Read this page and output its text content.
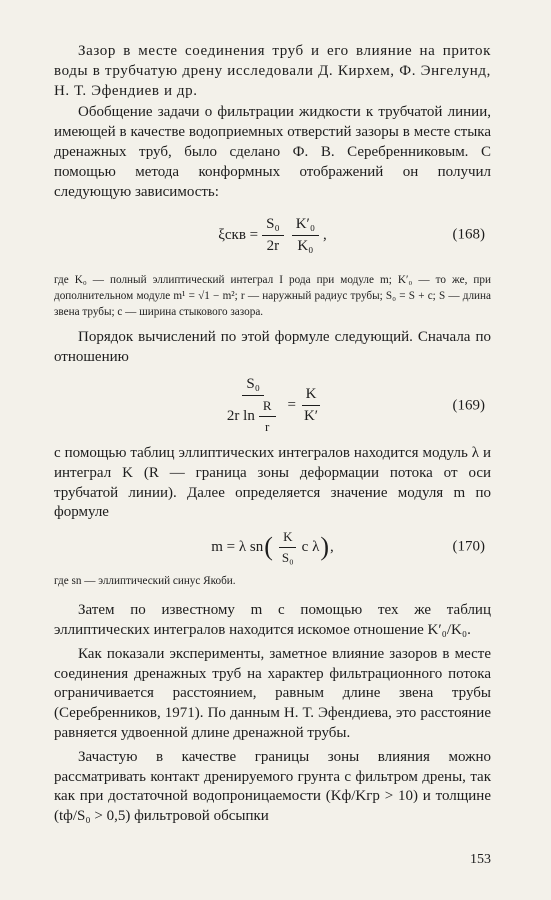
Зазор в месте соединения труб и его влияние на приток воды в трубчатую дрену исследовали Д. Кирхем, Ф. Энгелунд, Н. Т. Эфендиев и др.

Обобщение задачи о фильтрации жидкости к трубчатой линии, имеющей в качестве водоприемных отверстий зазоры в месте стыка дренажных труб, было сделано Ф. В. Серебренниковым. С помощью метода конформных отображений он получил следующую зависимость:

$\xi скв = \frac{\text{S₀}}{2r} \frac{\text{K′₀}}{\text{K₀}}$ ,	(168)

где K₀ — полный эллиптический интеграл I рода при модуле m; K′₀ — то же, при дополнительном модуле m¹ = √1 − m²; r — наружный радиус трубы; S₀ = S + c; S — длина звена трубы; c — ширина стыкового зазора.

Порядок вычислений по этой формуле следующий. Сначала по отношению

$\frac{\text{S₀}}{2r \ln \frac{R}{r}} = \frac{K}{K'}$	(169)

с помощью таблиц эллиптических интегралов находится модуль λ и интеграл K (R — граница зоны деформации потока от оси трубчатой линии). Далее определяется значение модуля m по формуле

m = λ sn ( $\frac{K}{\text{S₀}}$ c λ ) ,	(170)

где sn — эллиптический синус Якоби.

Затем по известному m с помощью тех же таблиц эллиптических интегралов находится искомое отношение K′₀/K₀.

Как показали эксперименты, заметное влияние зазоров в месте соединения дренажных труб на характер фильтрационного потока ограничивается расстоянием, равным длине звена трубы (Серебренников, 1971). По данным Н. Т. Эфендиева, это расстояние равняется удвоенной длине дренажной трубы.

Зачастую в качестве границы зоны влияния можно рассматривать контакт дренируемого грунта с фильтром дрены, так как при достаточной водопроницаемости (Kф/Kгр > 10) и толщине (tф/S₀ > 0,5) фильтровой обсыпки

153
